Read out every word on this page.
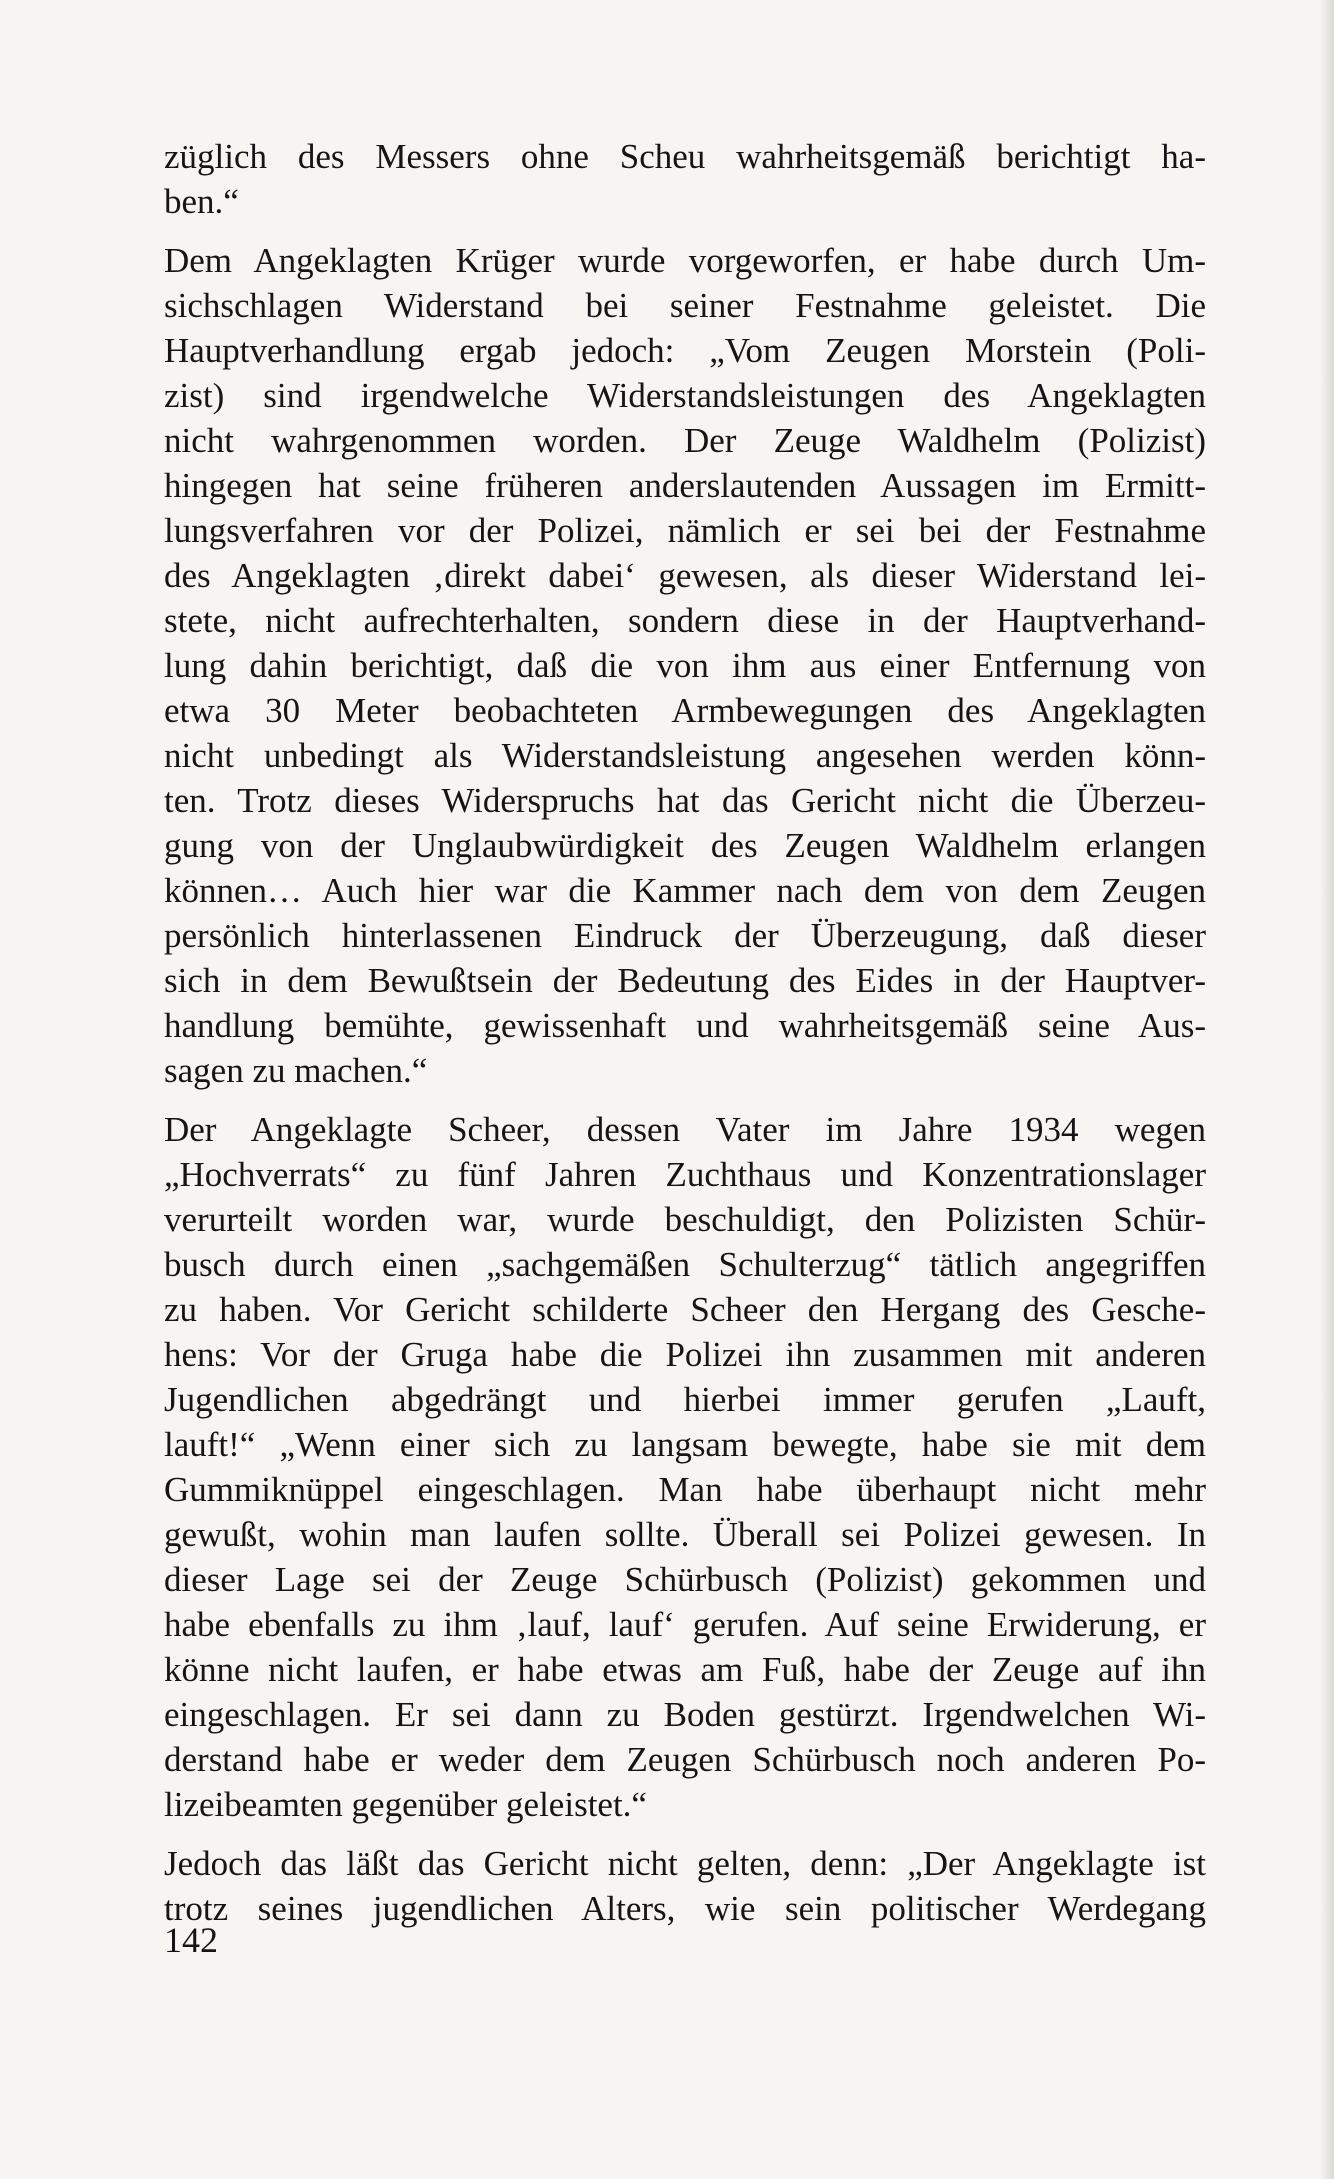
züglich des Messers ohne Scheu wahrheitsgemäß berichtigt ha-
ben.“
Dem Angeklagten Krüger wurde vorgeworfen, er habe durch Um-
sichschlagen Widerstand bei seiner Festnahme geleistet. Die
Hauptverhandlung ergab jedoch: „Vom Zeugen Morstein (Poli-
zist) sind irgendwelche Widerstandsleistungen des Angeklagten
nicht wahrgenommen worden. Der Zeuge Waldhelm (Polizist)
hingegen hat seine früheren anderslautenden Aussagen im Ermitt-
lungsverfahren vor der Polizei, nämlich er sei bei der Festnahme
des Angeklagten ‚direkt dabei‘ gewesen, als dieser Widerstand lei-
stete, nicht aufrechterhalten, sondern diese in der Hauptverhand-
lung dahin berichtigt, daß die von ihm aus einer Entfernung von
etwa 30 Meter beobachteten Armbewegungen des Angeklagten
nicht unbedingt als Widerstandsleistung angesehen werden könn-
ten. Trotz dieses Widerspruchs hat das Gericht nicht die Überzeu-
gung von der Unglaubwürdigkeit des Zeugen Waldhelm erlangen
können… Auch hier war die Kammer nach dem von dem Zeugen
persönlich hinterlassenen Eindruck der Überzeugung, daß dieser
sich in dem Bewußtsein der Bedeutung des Eides in der Hauptver-
handlung bemühte, gewissenhaft und wahrheitsgemäß seine Aus-
sagen zu machen.“
Der Angeklagte Scheer, dessen Vater im Jahre 1934 wegen
„Hochverrats“ zu fünf Jahren Zuchthaus und Konzentrationslager
verurteilt worden war, wurde beschuldigt, den Polizisten Schür-
busch durch einen „sachgemäßen Schulterzug“ tätlich angegriffen
zu haben. Vor Gericht schilderte Scheer den Hergang des Gesche-
hens: Vor der Gruga habe die Polizei ihn zusammen mit anderen
Jugendlichen abgedrängt und hierbei immer gerufen „Lauft,
lauft!“ „Wenn einer sich zu langsam bewegte, habe sie mit dem
Gummiknüppel eingeschlagen. Man habe überhaupt nicht mehr
gewußt, wohin man laufen sollte. Überall sei Polizei gewesen. In
dieser Lage sei der Zeuge Schürbusch (Polizist) gekommen und
habe ebenfalls zu ihm ‚lauf, lauf‘ gerufen. Auf seine Erwiderung, er
könne nicht laufen, er habe etwas am Fuß, habe der Zeuge auf ihn
eingeschlagen. Er sei dann zu Boden gestürzt. Irgendwelchen Wi-
derstand habe er weder dem Zeugen Schürbusch noch anderen Po-
lizeibeamten gegenüber geleistet.“
Jedoch das läßt das Gericht nicht gelten, denn: „Der Angeklagte ist
trotz seines jugendlichen Alters, wie sein politischer Werdegang
142
